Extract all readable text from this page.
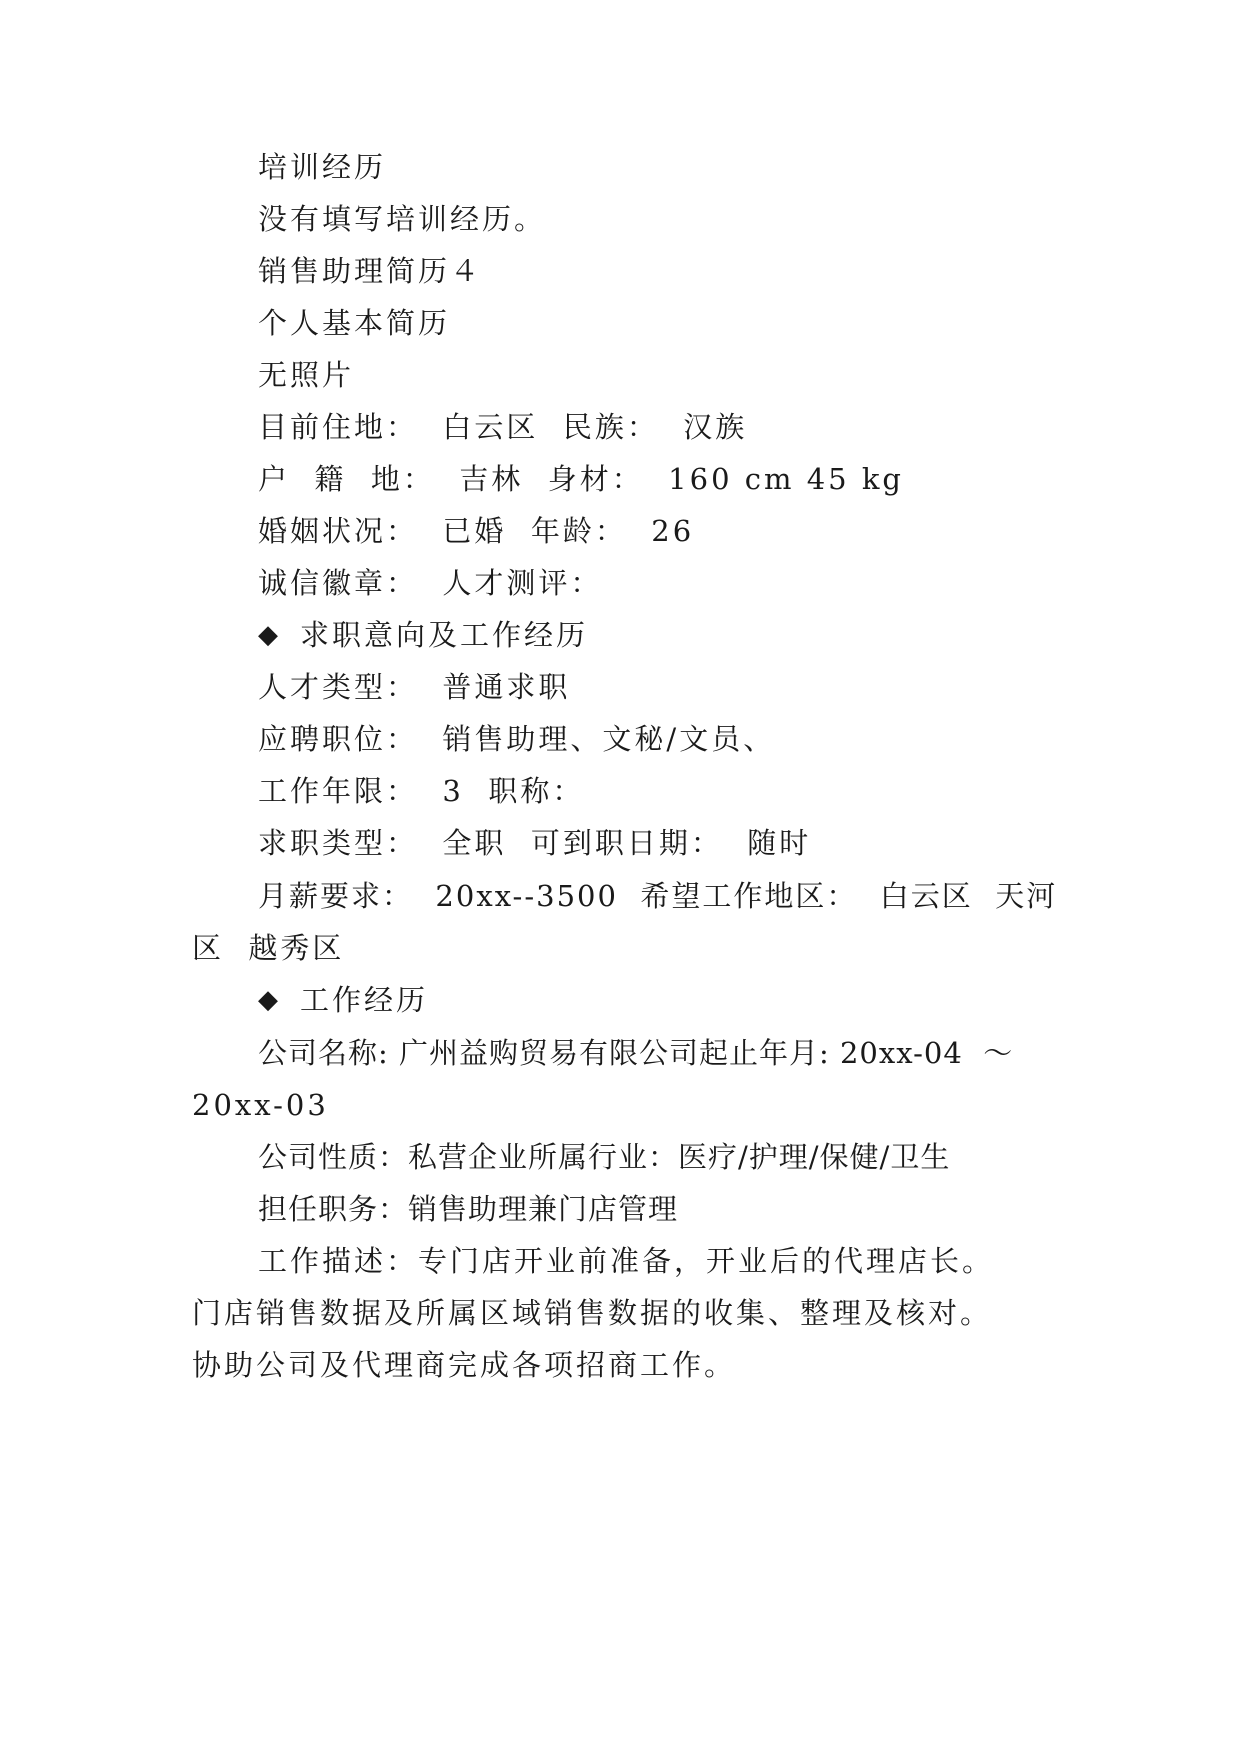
培训经历
没有填写培训经历。
销售助理简历４
个人基本简历
无照片
目前住地：  白云区  民族：  汉族
户  籍  地：  吉林  身材：  160 cm 45 kg
婚姻状况：  已婚  年龄：  26
诚信徽章：  人才测评：
◆ 求职意向及工作经历
人才类型：  普通求职
应聘职位：  销售助理、文秘/文员、
工作年限：  3  职称：
求职类型：  全职  可到职日期：  随时
月薪要求：  20xx--3500  希望工作地区：  白云区  天河
区  越秀区
◆ 工作经历
公司名称: 广州益购贸易有限公司起止年月: 20xx-04  ～
20xx-03
公司性质：私营企业所属行业：医疗/护理/保健/卫生
担任职务：销售助理兼门店管理
工作描述：专门店开业前准备，开业后的代理店长。
门店销售数据及所属区域销售数据的收集、整理及核对。
协助公司及代理商完成各项招商工作。
